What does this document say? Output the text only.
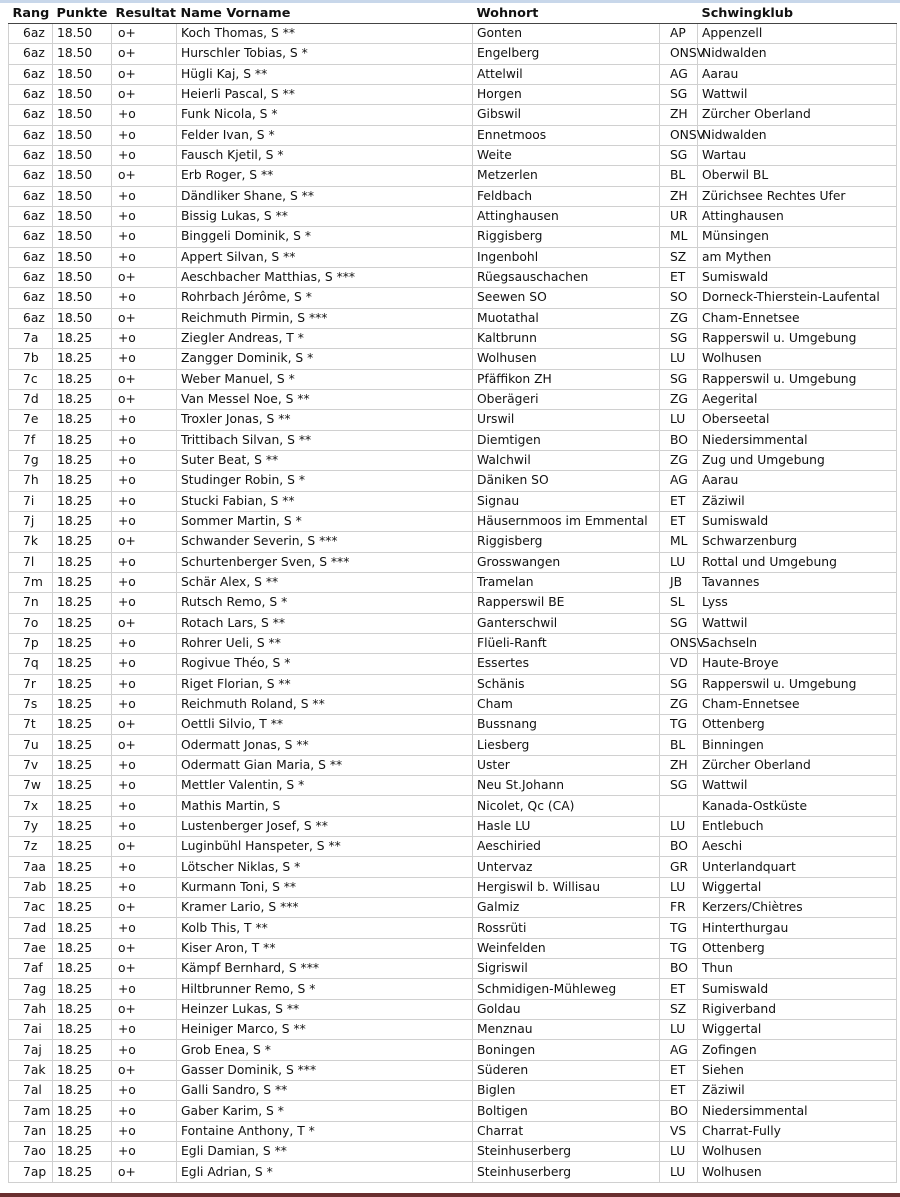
Rang	Punkte	Resultat	Name Vorname	Wohnort		Schwingklub
6az	18.50	o+	Koch Thomas, S **	Gonten	AP	Appenzell
6az	18.50	o+	Hurschler Tobias, S *	Engelberg	ONSV	Nidwalden
6az	18.50	o+	Hügli Kaj, S **	Attelwil	AG	Aarau
6az	18.50	o+	Heierli Pascal, S **	Horgen	SG	Wattwil
6az	18.50	+o	Funk Nicola, S *	Gibswil	ZH	Zürcher Oberland
6az	18.50	+o	Felder Ivan, S *	Ennetmoos	ONSV	Nidwalden
6az	18.50	+o	Fausch Kjetil, S *	Weite	SG	Wartau
6az	18.50	o+	Erb Roger, S **	Metzerlen	BL	Oberwil BL
6az	18.50	+o	Dändliker Shane, S **	Feldbach	ZH	Zürichsee Rechtes Ufer
6az	18.50	+o	Bissig Lukas, S **	Attinghausen	UR	Attinghausen
6az	18.50	+o	Binggeli Dominik, S *	Riggisberg	ML	Münsingen
6az	18.50	+o	Appert Silvan, S **	Ingenbohl	SZ	am Mythen
6az	18.50	o+	Aeschbacher Matthias, S ***	Rüegsauschachen	ET	Sumiswald
6az	18.50	+o	Rohrbach Jérôme, S *	Seewen SO	SO	Dorneck-Thierstein-Laufental
6az	18.50	o+	Reichmuth Pirmin, S ***	Muotathal	ZG	Cham-Ennetsee
7a	18.25	+o	Ziegler Andreas, T *	Kaltbrunn	SG	Rapperswil u. Umgebung
7b	18.25	+o	Zangger Dominik, S *	Wolhusen	LU	Wolhusen
7c	18.25	o+	Weber Manuel, S *	Pfäffikon ZH	SG	Rapperswil u. Umgebung
7d	18.25	o+	Van Messel Noe, S **	Oberägeri	ZG	Aegerital
7e	18.25	+o	Troxler Jonas, S **	Urswil	LU	Oberseetal
7f	18.25	+o	Trittibach Silvan, S **	Diemtigen	BO	Niedersimmental
7g	18.25	+o	Suter Beat, S **	Walchwil	ZG	Zug und Umgebung
7h	18.25	+o	Studinger Robin, S *	Däniken SO	AG	Aarau
7i	18.25	+o	Stucki Fabian, S **	Signau	ET	Zäziwil
7j	18.25	+o	Sommer Martin, S *	Häusernmoos im Emmental	ET	Sumiswald
7k	18.25	o+	Schwander Severin, S ***	Riggisberg	ML	Schwarzenburg
7l	18.25	+o	Schurtenberger Sven, S ***	Grosswangen	LU	Rottal und Umgebung
7m	18.25	+o	Schär Alex, S **	Tramelan	JB	Tavannes
7n	18.25	+o	Rutsch Remo, S *	Rapperswil BE	SL	Lyss
7o	18.25	o+	Rotach Lars, S **	Ganterschwil	SG	Wattwil
7p	18.25	+o	Rohrer Ueli, S **	Flüeli-Ranft	ONSV	Sachseln
7q	18.25	+o	Rogivue Théo, S *	Essertes	VD	Haute-Broye
7r	18.25	+o	Riget Florian, S **	Schänis	SG	Rapperswil u. Umgebung
7s	18.25	+o	Reichmuth Roland, S **	Cham	ZG	Cham-Ennetsee
7t	18.25	o+	Oettli Silvio, T **	Bussnang	TG	Ottenberg
7u	18.25	o+	Odermatt Jonas, S **	Liesberg	BL	Binningen
7v	18.25	+o	Odermatt Gian Maria, S **	Uster	ZH	Zürcher Oberland
7w	18.25	+o	Mettler Valentin, S *	Neu St.Johann	SG	Wattwil
7x	18.25	+o	Mathis Martin, S	Nicolet, Qc (CA)		Kanada-Ostküste
7y	18.25	+o	Lustenberger Josef, S **	Hasle LU	LU	Entlebuch
7z	18.25	o+	Luginbühl Hanspeter, S **	Aeschiried	BO	Aeschi
7aa	18.25	+o	Lötscher Niklas, S *	Untervaz	GR	Unterlandquart
7ab	18.25	+o	Kurmann Toni, S **	Hergiswil b. Willisau	LU	Wiggertal
7ac	18.25	o+	Kramer Lario, S ***	Galmiz	FR	Kerzers/Chiètres
7ad	18.25	+o	Kolb This, T **	Rossrüti	TG	Hinterthurgau
7ae	18.25	o+	Kiser Aron, T **	Weinfelden	TG	Ottenberg
7af	18.25	o+	Kämpf Bernhard, S ***	Sigriswil	BO	Thun
7ag	18.25	+o	Hiltbrunner Remo, S *	Schmidigen-Mühleweg	ET	Sumiswald
7ah	18.25	o+	Heinzer Lukas, S **	Goldau	SZ	Rigiverband
7ai	18.25	+o	Heiniger Marco, S **	Menznau	LU	Wiggertal
7aj	18.25	+o	Grob Enea, S *	Boningen	AG	Zofingen
7ak	18.25	o+	Gasser Dominik, S ***	Süderen	ET	Siehen
7al	18.25	+o	Galli Sandro, S **	Biglen	ET	Zäziwil
7am	18.25	+o	Gaber Karim, S *	Boltigen	BO	Niedersimmental
7an	18.25	+o	Fontaine Anthony, T *	Charrat	VS	Charrat-Fully
7ao	18.25	+o	Egli Damian, S **	Steinhuserberg	LU	Wolhusen
7ap	18.25	o+	Egli Adrian, S *	Steinhuserberg	LU	Wolhusen
